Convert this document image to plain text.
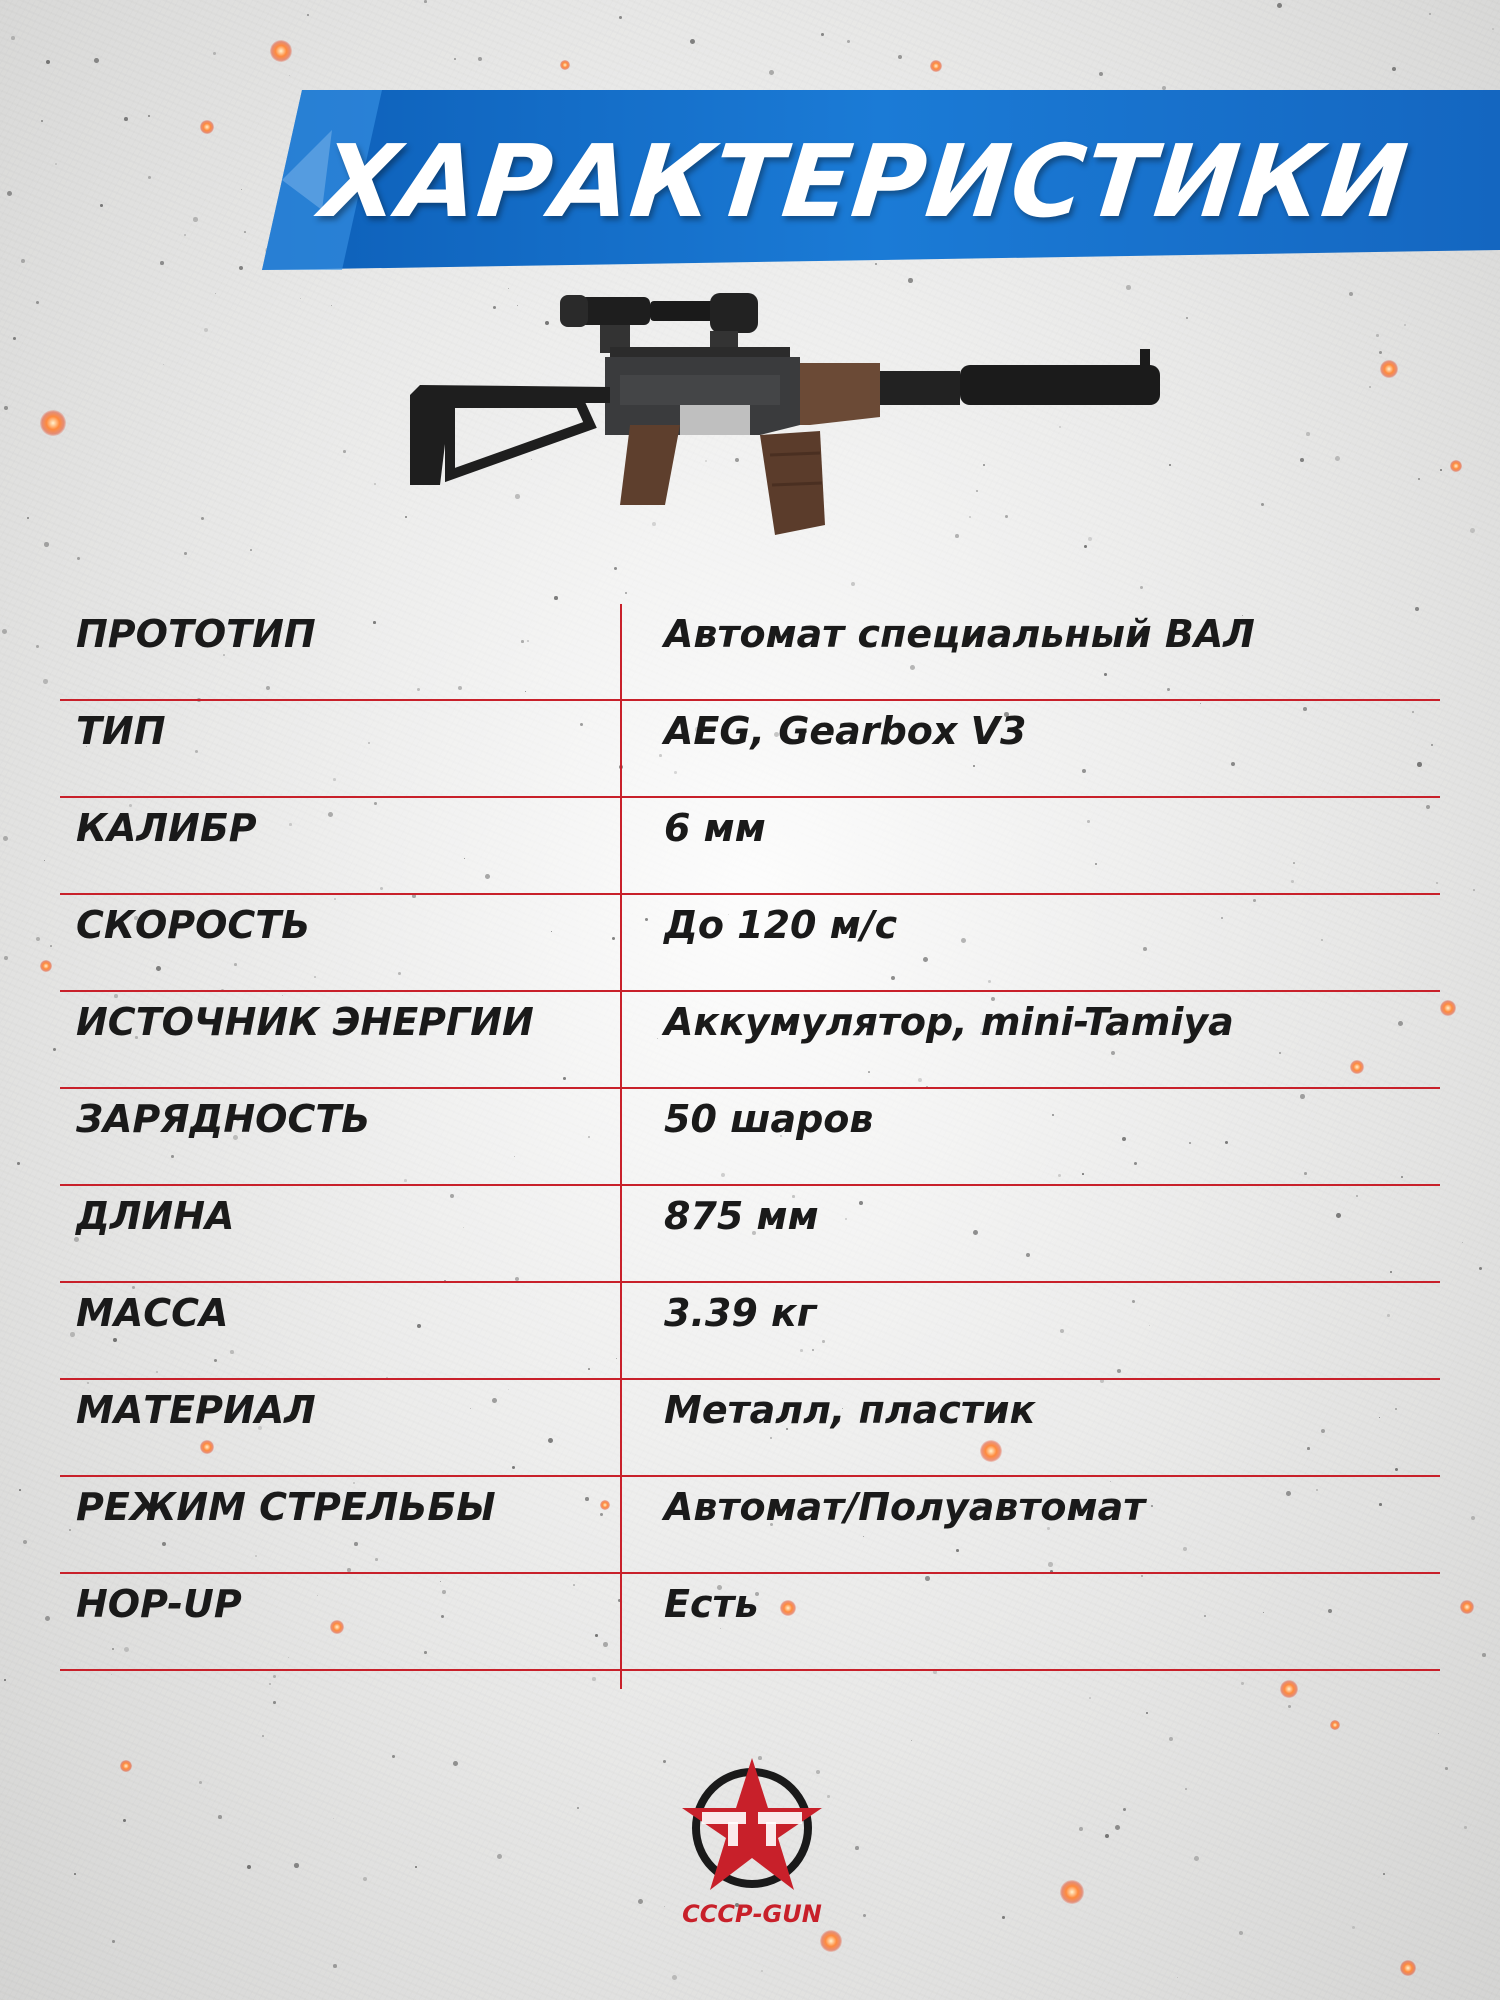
ХАРАКТЕРИСТИКИ
ПРОТОТИП	Автомат специальный ВАЛ
ТИП	AEG, Gearbox V3
КАЛИБР	6 мм
СКОРОСТЬ	До 120 м/с
ИСТОЧНИК ЭНЕРГИИ	Аккумулятор, mini-Tamiya
ЗАРЯДНОСТЬ	50 шаров
ДЛИНА	875 мм
МАССА	3.39 кг
МАТЕРИАЛ	Металл, пластик
РЕЖИМ СТРЕЛЬБЫ	Автомат/Полуавтомат
HOP-UP	Есть
СССР-GUN
